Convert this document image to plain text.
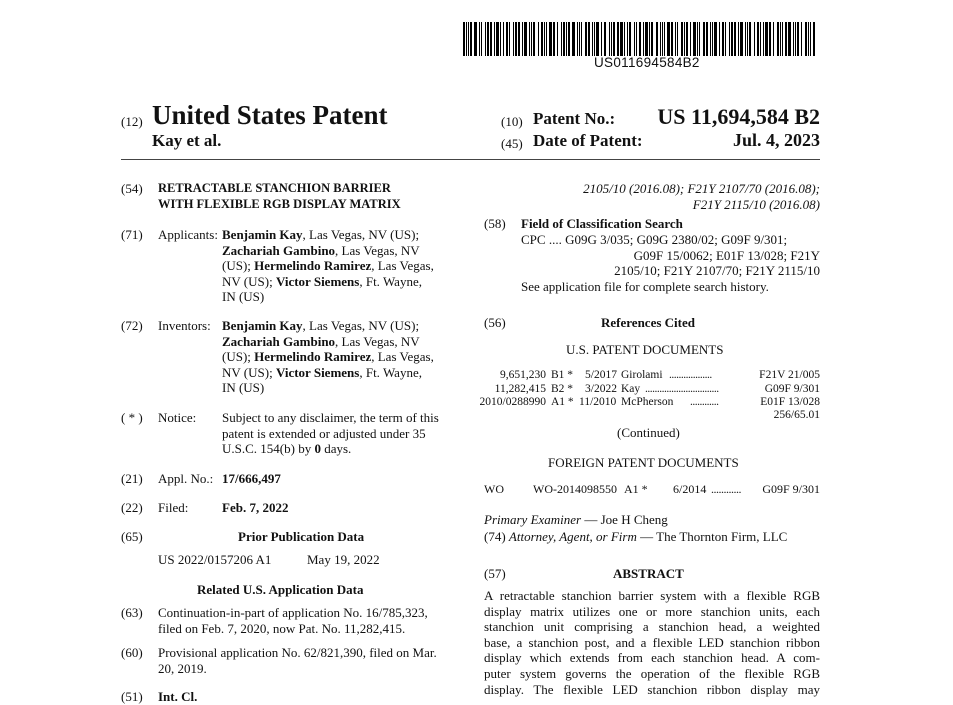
US011694584B2
(12) United States Patent
Kay et al.
(10) Patent No.: US 11,694,584 B2
(45) Date of Patent:	Jul. 4, 2023
(54) RETRACTABLE STANCHION BARRIER
WITH FLEXIBLE RGB DISPLAY MATRIX
(71) Applicants: Benjamin Kay, Las Vegas, NV (US);
Zachariah Gambino, Las Vegas, NV
(US); Hermelindo Ramirez, Las Vegas,
NV (US); Victor Siemens, Ft. Wayne,
IN (US)
(72) Inventors: Benjamin Kay, Las Vegas, NV (US);
Zachariah Gambino, Las Vegas, NV
(US); Hermelindo Ramirez, Las Vegas,
NV (US); Victor Siemens, Ft. Wayne,
IN (US)
( * ) Notice: Subject to any disclaimer, the term of this
patent is extended or adjusted under 35
U.S.C. 154(b) by 0 days.
(21) Appl. No.: 17/666,497
(22) Filed:	Feb. 7, 2022
(65)	Prior Publication Data
US 2022/0157206 A1	May 19, 2022
Related U.S. Application Data
(63) Continuation-in-part of application No. 16/785,323,
filed on Feb. 7, 2020, now Pat. No. 11,282,415.
(60) Provisional application No. 62/821,390, filed on Mar.
20, 2019.
(51) Int. Cl.
2105/10 (2016.08); F21Y 2107/70 (2016.08);
F21Y 2115/10 (2016.08)
(58) Field of Classification Search
CPC .... G09G 3/035; G09G 2380/02; G09F 9/301;
G09F 15/0062; E01F 13/028; F21Y
2105/10; F21Y 2107/70; F21Y 2115/10
See application file for complete search history.
(56)	References Cited
U.S. PATENT DOCUMENTS
9,651,230 B1 * 5/2017 Girolami ..................	F21V 21/005
11,282,415 B2 * 3/2022 Kay ...............................	G09F 9/301
2010/0288990 A1 * 11/2010 McPherson ............	E01F 13/028
256/65.01
(Continued)
FOREIGN PATENT DOCUMENTS
WO WO-2014098550 A1 * 6/2014 ............ G09F 9/301
Primary Examiner — Joe H Cheng
(74) Attorney, Agent, or Firm — The Thornton Firm, LLC
(57)	ABSTRACT
A retractable stanchion barrier system with a flexible RGB
display matrix utilizes one or more stanchion units, each
stanchion unit comprising a stanchion head, a weighted
base, a stanchion post, and a flexible LED stanchion ribbon
display which extends from each stanchion head. A com-
puter system governs the operation of the flexible RGB
display. The flexible LED stanchion ribbon display may
